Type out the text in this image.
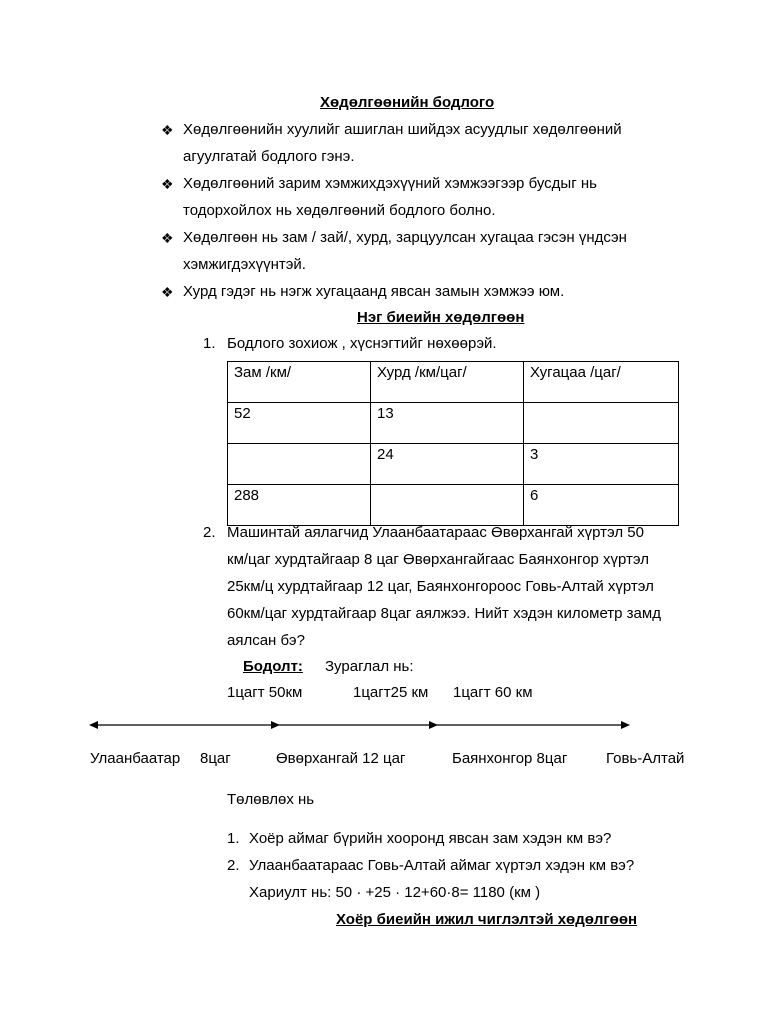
Хөдөлгөөнийн бодлого
❖ Хөдөлгөөнийн хуулийг ашиглан шийдэх асуудлыг хөдөлгөөний
агуулгатай бодлого гэнэ.
❖ Хөдөлгөөний зарим хэмжихдэхүүний хэмжээгээр бусдыг нь
тодорхойлох нь хөдөлгөөний бодлого болно.
❖ Хөдөлгөөн нь зам / зай/, хурд, зарцуулсан хугацаа гэсэн үндсэн
хэмжигдэхүүнтэй.
❖ Хурд гэдэг нь нэгж хугацаанд явсан замын хэмжээ юм.
Нэг биеийн хөдөлгөөн
1. Бодлого зохиож , хүснэгтийг нөхөөрэй.
Зам /км/	Хурд /км/цаг/	Хугацаа /цаг/
52	13	
	24	3
288		6
2. Машинтай аялагчид Улаанбаатараас Өвөрхангай хүртэл 50
км/цаг хурдтайгаар 8 цаг Өвөрхангайгаас Баянхонгор хүртэл
25км/ц хурдтайгаар 12 цаг, Баянхонгороос Говь-Алтай хүртэл
60км/цаг хурдтайгаар 8цаг аялжээ. Нийт хэдэн километр замд
аялсан бэ?
Бодолт: Зураглал нь:
1цагт 50км	1цагт25 км 1цагт 60 км
Улаанбаатар 8цаг	Өвөрхангай 12 цаг	Баянхонгор 8цаг	Говь-Алтай
Төлөвлөх нь
1. Хоёр аймаг бүрийн хооронд явсан зам хэдэн км вэ?
2. Улаанбаатараас Говь-Алтай аймаг хүртэл хэдэн км вэ?
Хариулт нь: 50 · +25 · 12+60·8= 1180 (км )
Хоёр биеийн ижил чиглэлтэй хөдөлгөөн
